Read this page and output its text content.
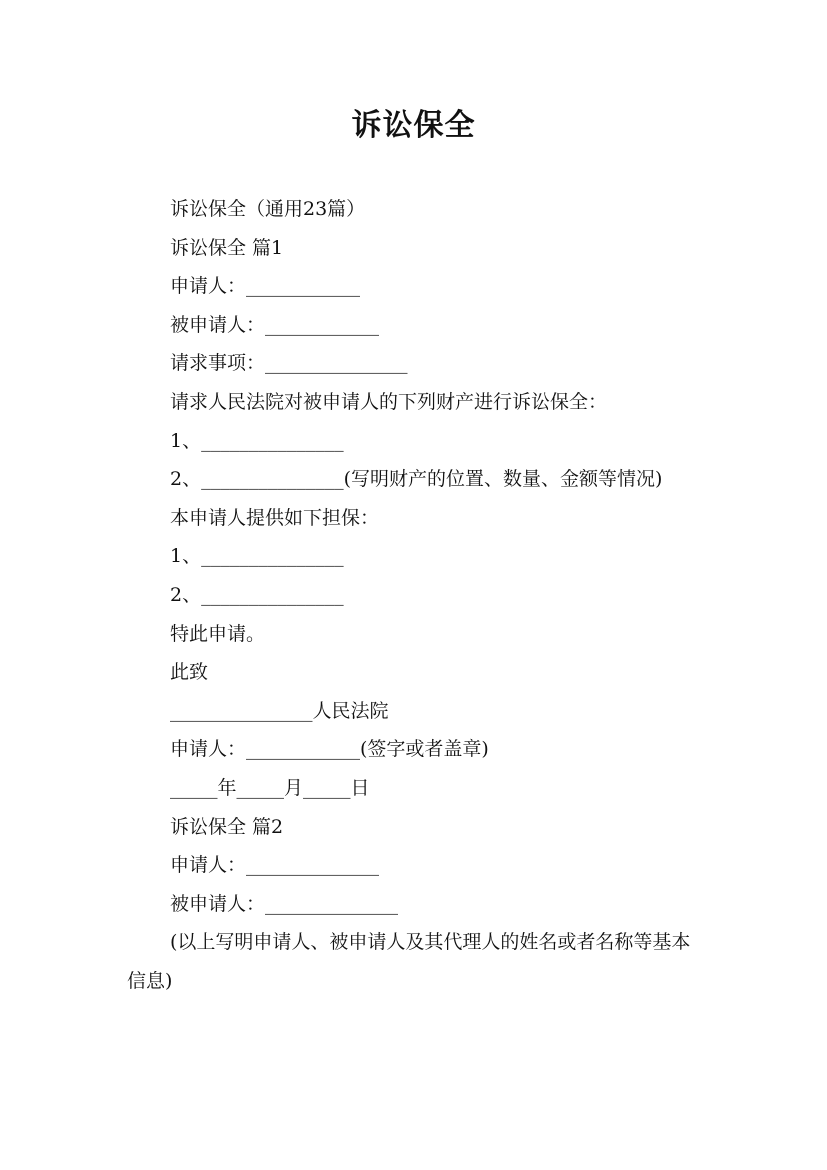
诉讼保全

诉讼保全（通用23篇）

诉讼保全 篇1

申请人：____________

被申请人：____________

请求事项：_______________

请求人民法院对被申请人的下列财产进行诉讼保全：

1、_______________

2、_______________(写明财产的位置、数量、金额等情况)

本申请人提供如下担保：

1、_______________

2、_______________

特此申请。

此致

_______________人民法院

申请人：____________(签字或者盖章)

_____年_____月_____日

诉讼保全 篇2

申请人：______________

被申请人：______________

(以上写明申请人、被申请人及其代理人的姓名或者名称等基本信息)
